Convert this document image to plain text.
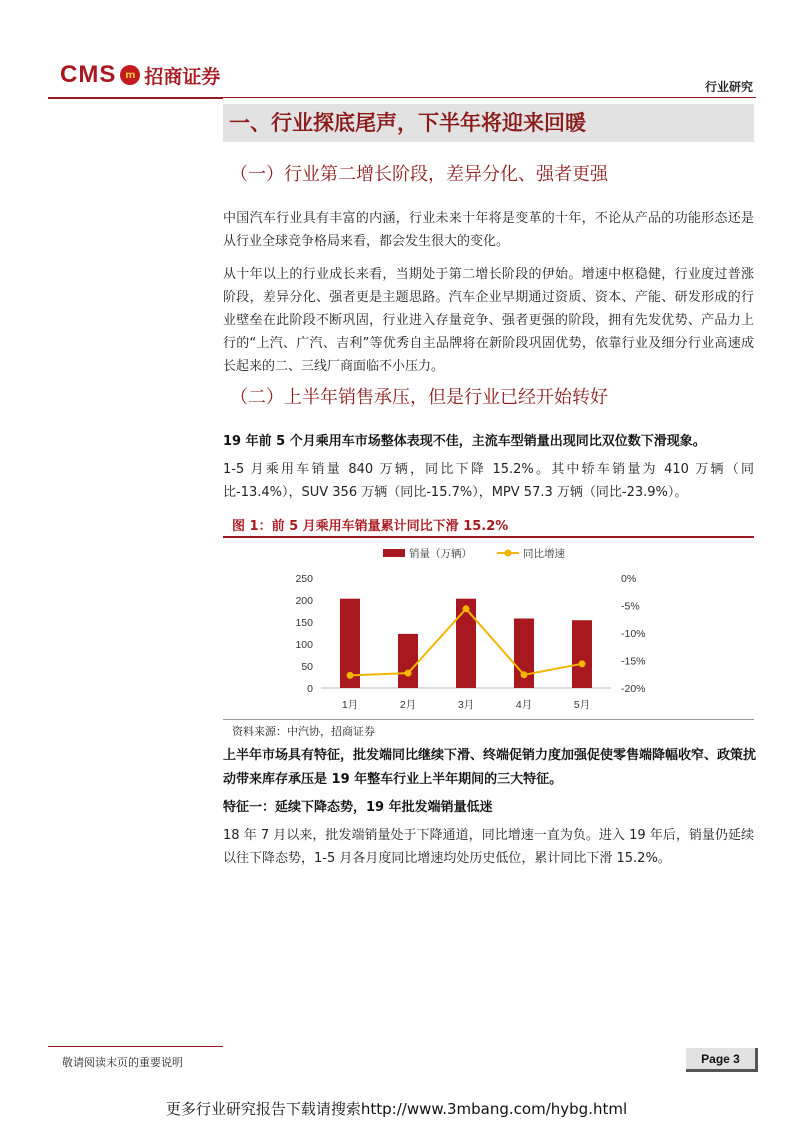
CMS m 招商证券	行业研究
一、行业探底尾声，下半年将迎来回暖
（一）行业第二增长阶段，差异分化、强者更强

中国汽车行业具有丰富的内涵，行业未来十年将是变革的十年，不论从产品的功能形态还是从行业全球竞争格局来看，都会发生很大的变化。

从十年以上的行业成长来看，当期处于第二增长阶段的伊始。增速中枢稳健，行业度过普涨阶段，差异分化、强者更是主题思路。汽车企业早期通过资质、资本、产能、研发形成的行业壁垒在此阶段不断巩固，行业进入存量竞争、强者更强的阶段，拥有先发优势、产品力上行的“上汽、广汽、吉利”等优秀自主品牌将在新阶段巩固优势，依靠行业及细分行业高速成长起来的二、三线厂商面临不小压力。

（二）上半年销售承压，但是行业已经开始转好
19 年前 5 个月乘用车市场整体表现不佳，主流车型销量出现同比双位数下滑现象。
1-5 月乘用车销量 840 万辆，同比下降 15.2%。其中轿车销量为 410 万辆（同比-13.4%），SUV 356 万辆（同比-15.7%），MPV 57.3 万辆（同比-23.9%）。
图 1：前 5 月乘用车销量累计同比下滑 15.2%
销量（万辆）	同比增速
0
50
100
150
200
250	0%
-5%
-10%
-15%
-20%
1月	2月	3月	4月	5月
资料来源：中汽协，招商证券
上半年市场具有特征，批发端同比继续下滑、终端促销力度加强促使零售端降幅收窄、政策扰动带来库存承压是 19 年整车行业上半年期间的三大特征。
特征一：延续下降态势，19 年批发端销量低迷
18 年 7 月以来，批发端销量处于下降通道，同比增速一直为负。进入 19 年后，销量仍延续以往下降态势，1-5 月各月度同比增速均处历史低位，累计同比下滑 15.2%。
敬请阅读末页的重要说明	Page 3
更多行业研究报告下载请搜索http://www.3mbang.com/hybg.html
